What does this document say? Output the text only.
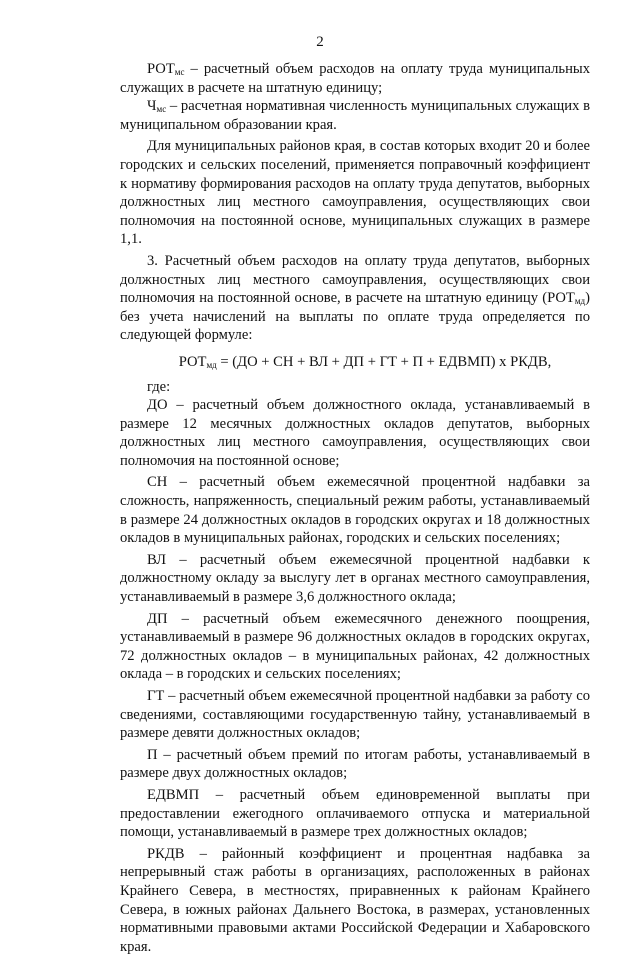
2

$РОТ_{мс}$ – расчетный объем расходов на оплату труда муниципальных служащих в расчете на штатную единицу;

$Ч_{мс}$ – расчетная нормативная численность муниципальных служащих в муниципальном образовании края.

Для муниципальных районов края, в состав которых входит 20 и более городских и сельских поселений, применяется поправочный коэффициент к нормативу формирования расходов на оплату труда депутатов, выборных должностных лиц местного самоуправления, осуществляющих свои полномочия на постоянной основе, муниципальных служащих в размере 1,1.

3. Расчетный объем расходов на оплату труда депутатов, выборных должностных лиц местного самоуправления, осуществляющих свои полномочия на постоянной основе, в расчете на штатную единицу $(РОТ_{мд})$ без учета начислений на выплаты по оплате труда определяется по следующей формуле:

$РОТ_{мд} = (ДО$ + СН + ВЛ + ДП + ГТ + П + ЕДВМП) х РКДВ,

где:

ДО – расчетный объем должностного оклада, устанавливаемый в размере 12 месячных должностных окладов депутатов, выборных должностных лиц местного самоуправления, осуществляющих свои полномочия на постоянной основе;

СН – расчетный объем ежемесячной процентной надбавки за сложность, напряженность, специальный режим работы, устанавливаемый в размере 24 должностных окладов в городских округах и 18 должностных окладов в муниципальных районах, городских и сельских поселениях;

ВЛ – расчетный объем ежемесячной процентной надбавки к должностному окладу за выслугу лет в органах местного самоуправления, устанавливаемый в размере 3,6 должностного оклада;

ДП – расчетный объем ежемесячного денежного поощрения, устанавливаемый в размере 96 должностных окладов в городских округах, 72 должностных окладов – в муниципальных районах, 42 должностных оклада – в городских и сельских поселениях;

ГТ – расчетный объем ежемесячной процентной надбавки за работу со сведениями, составляющими государственную тайну, устанавливаемый в размере девяти должностных окладов;

П – расчетный объем премий по итогам работы, устанавливаемый в размере двух должностных окладов;

ЕДВМП – расчетный объем единовременной выплаты при предоставлении ежегодного оплачиваемого отпуска и материальной помощи, устанавливаемый в размере трех должностных окладов;

РКДВ – районный коэффициент и процентная надбавка за непрерывный стаж работы в организациях, расположенных в районах Крайнего Севера, в местностях, приравненных к районам Крайнего Севера, в южных районах Дальнего Востока, в размерах, установленных нормативными правовыми актами Российской Федерации и Хабаровского края.
